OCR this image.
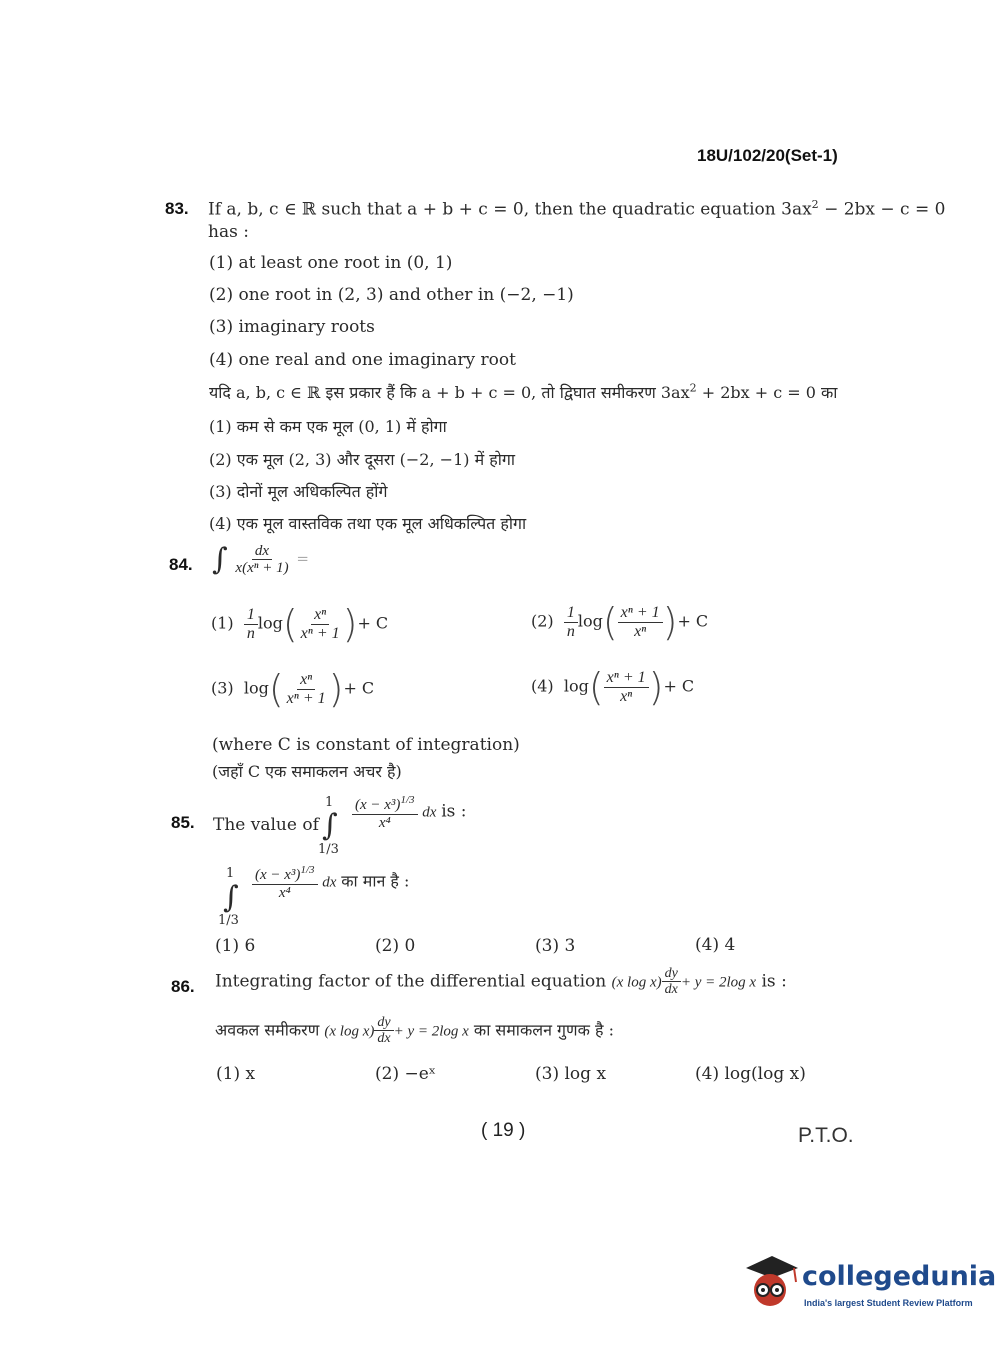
18U/102/20(Set-1)
83. If a, b, c ∈ ℝ such that a + b + c = 0, then the quadratic equation $3ax^2 - 2bx - c = 0$
has :
(1) at least one root in (0, 1)
(2) one root in (2, 3) and other in (−2, −1)
(3) imaginary roots
(4) one real and one imaginary root
यदि a, b, c ∈ ℝ इस प्रकार हैं कि a + b + c = 0, तो द्विघात समीकरण $3ax^2 + 2bx + c = 0$ का
(1) कम से कम एक मूल (0, 1) में होगा
(2) एक मूल (2, 3) और दूसरा (−2, −1) में होगा
(3) दोनों मूल अधिकल्पित होंगे
(4) एक मूल वास्तविक तथा एक मूल अधिकल्पित होगा
84. ∫ $\frac{dx}{\text{x(xⁿ + 1)}}$ =
$(1) \frac{1}{n} \log( \frac{\text{xⁿ}}{\text{xⁿ + 1}}$ )+ C	$(2) \frac{1}{n} \log( \frac{\text{xⁿ + 1}}{\text{xⁿ}}$ )+ C
(3) $\log( \frac{\text{xⁿ}}{\text{xⁿ + 1}}$ )+ C	(4) $\log( \frac{\text{xⁿ + 1}}{\text{xⁿ}}$ )+ C
(where C is constant of integration)
(जहाँ C एक समाकलन अचर है)
85. The value of
1
∫
1/3
$\frac{(x - x^3)^{1/3}}{\text{x⁴}}$ dx is :
1
∫
1/3
$\frac{(x - x^3)^{1/3}}{\text{x⁴}}$ dx का मान है :
(1) 6	(2) 0	(3) 3	(4) 4
86. Integrating factor of the differential equation (x $\log x) \frac{dy}{dx} + y = 2\log$ x is :
अवकल समीकरण (x $\log x) \frac{dy}{dx} + y = 2\log$ x का समाकलन गुणक है :
(1) x	(2) −eˣ	(3) log x	(4) log(log x)
( 19 )	P.T.O.
collegedunia
India's largest Student Review Platform
